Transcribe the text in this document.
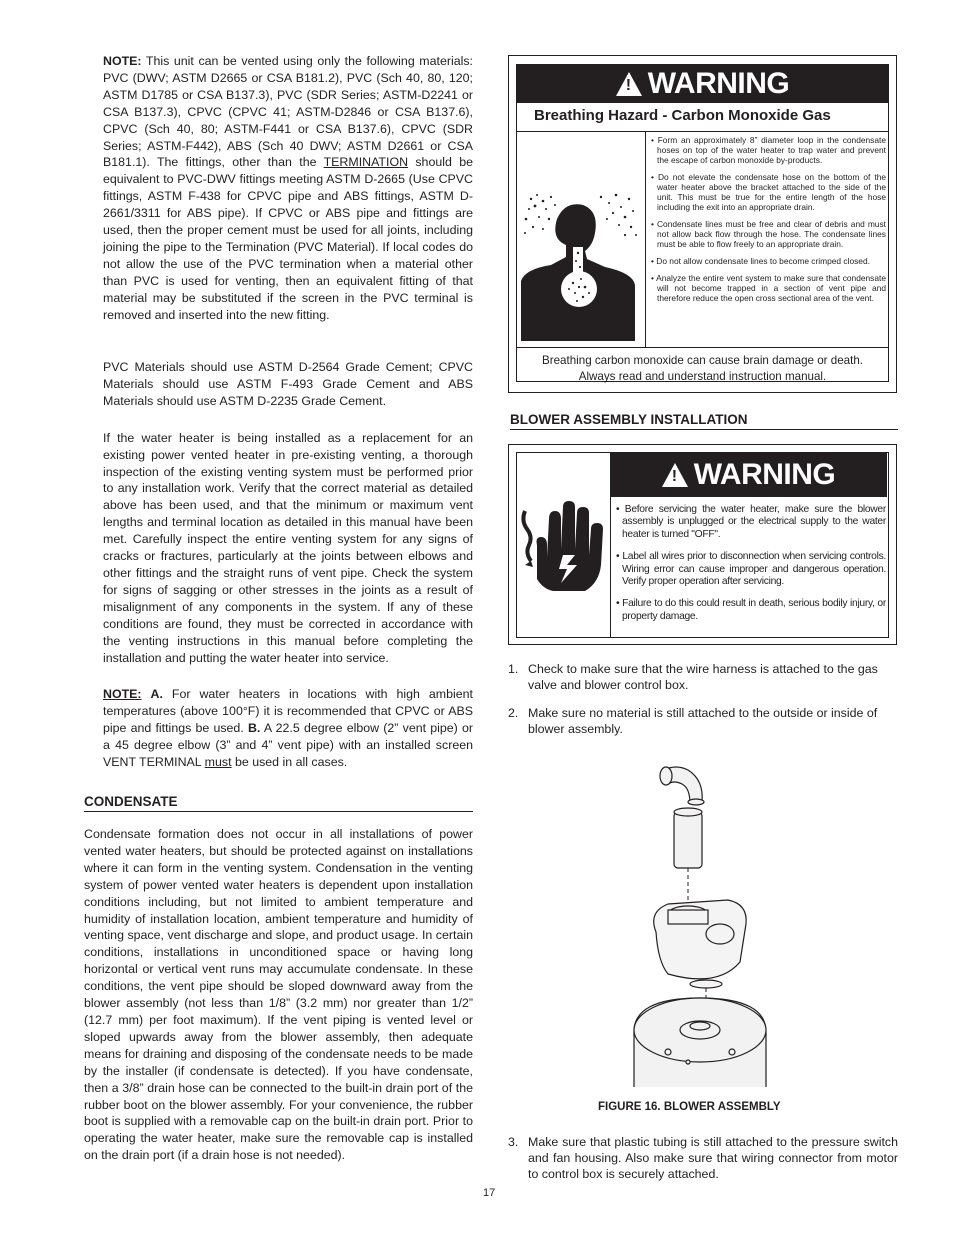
NOTE: This unit can be vented using only the following materials: PVC (DWV; ASTM D2665 or CSA B181.2), PVC (Sch 40, 80, 120; ASTM D1785 or CSA B137.3), PVC (SDR Series; ASTM-D2241 or CSA B137.3), CPVC (CPVC 41; ASTM-D2846 or CSA B137.6), CPVC (Sch 40, 80; ASTM-F441 or CSA B137.6), CPVC (SDR Series; ASTM-F442), ABS (Sch 40 DWV; ASTM D2661 or CSA B181.1). The fittings, other than the TERMINATION should be equivalent to PVC-DWV fittings meeting ASTM D-2665 (Use CPVC fittings, ASTM F-438 for CPVC pipe and ABS fittings, ASTM D-2661/3311 for ABS pipe). If CPVC or ABS pipe and fittings are used, then the proper cement must be used for all joints, including joining the pipe to the Termination (PVC Material). If local codes do not allow the use of the PVC termination when a material other than PVC is used for venting, then an equivalent fitting of that material may be substituted if the screen in the PVC terminal is removed and inserted into the new fitting.

PVC Materials should use ASTM D-2564 Grade Cement; CPVC Materials should use ASTM F-493 Grade Cement and ABS Materials should use ASTM D-2235 Grade Cement.

If the water heater is being installed as a replacement for an existing power vented heater in pre-existing venting, a thorough inspection of the existing venting system must be performed prior to any installation work. Verify that the correct material as detailed above has been used, and that the minimum or maximum vent lengths and terminal location as detailed in this manual have been met. Carefully inspect the entire venting system for any signs of cracks or fractures, particularly at the joints between elbows and other fittings and the straight runs of vent pipe. Check the system for signs of sagging or other stresses in the joints as a result of misalignment of any components in the system. If any of these conditions are found, they must be corrected in accordance with the venting instructions in this manual before completing the installation and putting the water heater into service.

NOTE: A. For water heaters in locations with high ambient temperatures (above 100°F) it is recommended that CPVC or ABS pipe and fittings be used. B. A 22.5 degree elbow (2” vent pipe) or a 45 degree elbow (3” and 4” vent pipe) with an installed screen VENT TERMINAL must be used in all cases.

CONDENSATE

Condensate formation does not occur in all installations of power vented water heaters, but should be protected against on installations where it can form in the venting system. Condensation in the venting system of power vented water heaters is dependent upon installation conditions including, but not limited to ambient temperature and humidity of installation location, ambient temperature and humidity of venting space, vent discharge and slope, and product usage. In certain conditions, installations in unconditioned space or having long horizontal or vertical vent runs may accumulate condensate. In these conditions, the vent pipe should be sloped downward away from the blower assembly (not less than 1/8” (3.2 mm) nor greater than 1/2” (12.7 mm) per foot maximum). If the vent piping is vented level or sloped upwards away from the blower assembly, then adequate means for draining and disposing of the condensate needs to be made by the installer (if condensate is detected). If you have condensate, then a 3/8” drain hose can be connected to the built-in drain port of the rubber boot on the blower assembly. For your convenience, the rubber boot is supplied with a removable cap on the built-in drain port. Prior to operating the water heater, make sure the removable cap is installed on the drain port (if a drain hose is not needed).

! WARNING
Breathing Hazard - Carbon Monoxide Gas

• Form an approximately 8” diameter loop in the condensate hoses on top of the water heater to trap water and prevent the escape of carbon monoxide by-products.

• Do not elevate the condensate hose on the bottom of the water heater above the bracket attached to the side of the unit. This must be true for the entire length of the hose including the exit into an appropriate drain.

• Condensate lines must be free and clear of debris and must not allow back flow through the hose. The condensate lines must be able to flow freely to an appropriate drain.

• Do not allow condensate lines to become crimped closed.

• Analyze the entire vent system to make sure that condensate will not become trapped in a section of vent pipe and therefore reduce the open cross sectional area of the vent.

Breathing carbon monoxide can cause brain damage or death.
Always read and understand instruction manual.
BLOWER ASSEMBLY INSTALLATION
! WARNING

• Before servicing the water heater, make sure the blower assembly is unplugged or the electrical supply to the water heater is turned "OFF".

• Label all wires prior to disconnection when servicing controls. Wiring error can cause improper and dangerous operation. Verify proper operation after servicing.

• Failure to do this could result in death, serious bodily injury, or property damage.

1. Check to make sure that the wire harness is attached to the gas valve and blower control box.
2. Make sure no material is still attached to the outside or inside of blower assembly.
FIGURE 16. BLOWER ASSEMBLY
3. Make sure that plastic tubing is still attached to the pressure switch and fan housing. Also make sure that wiring connector from motor to control box is securely attached.
17
